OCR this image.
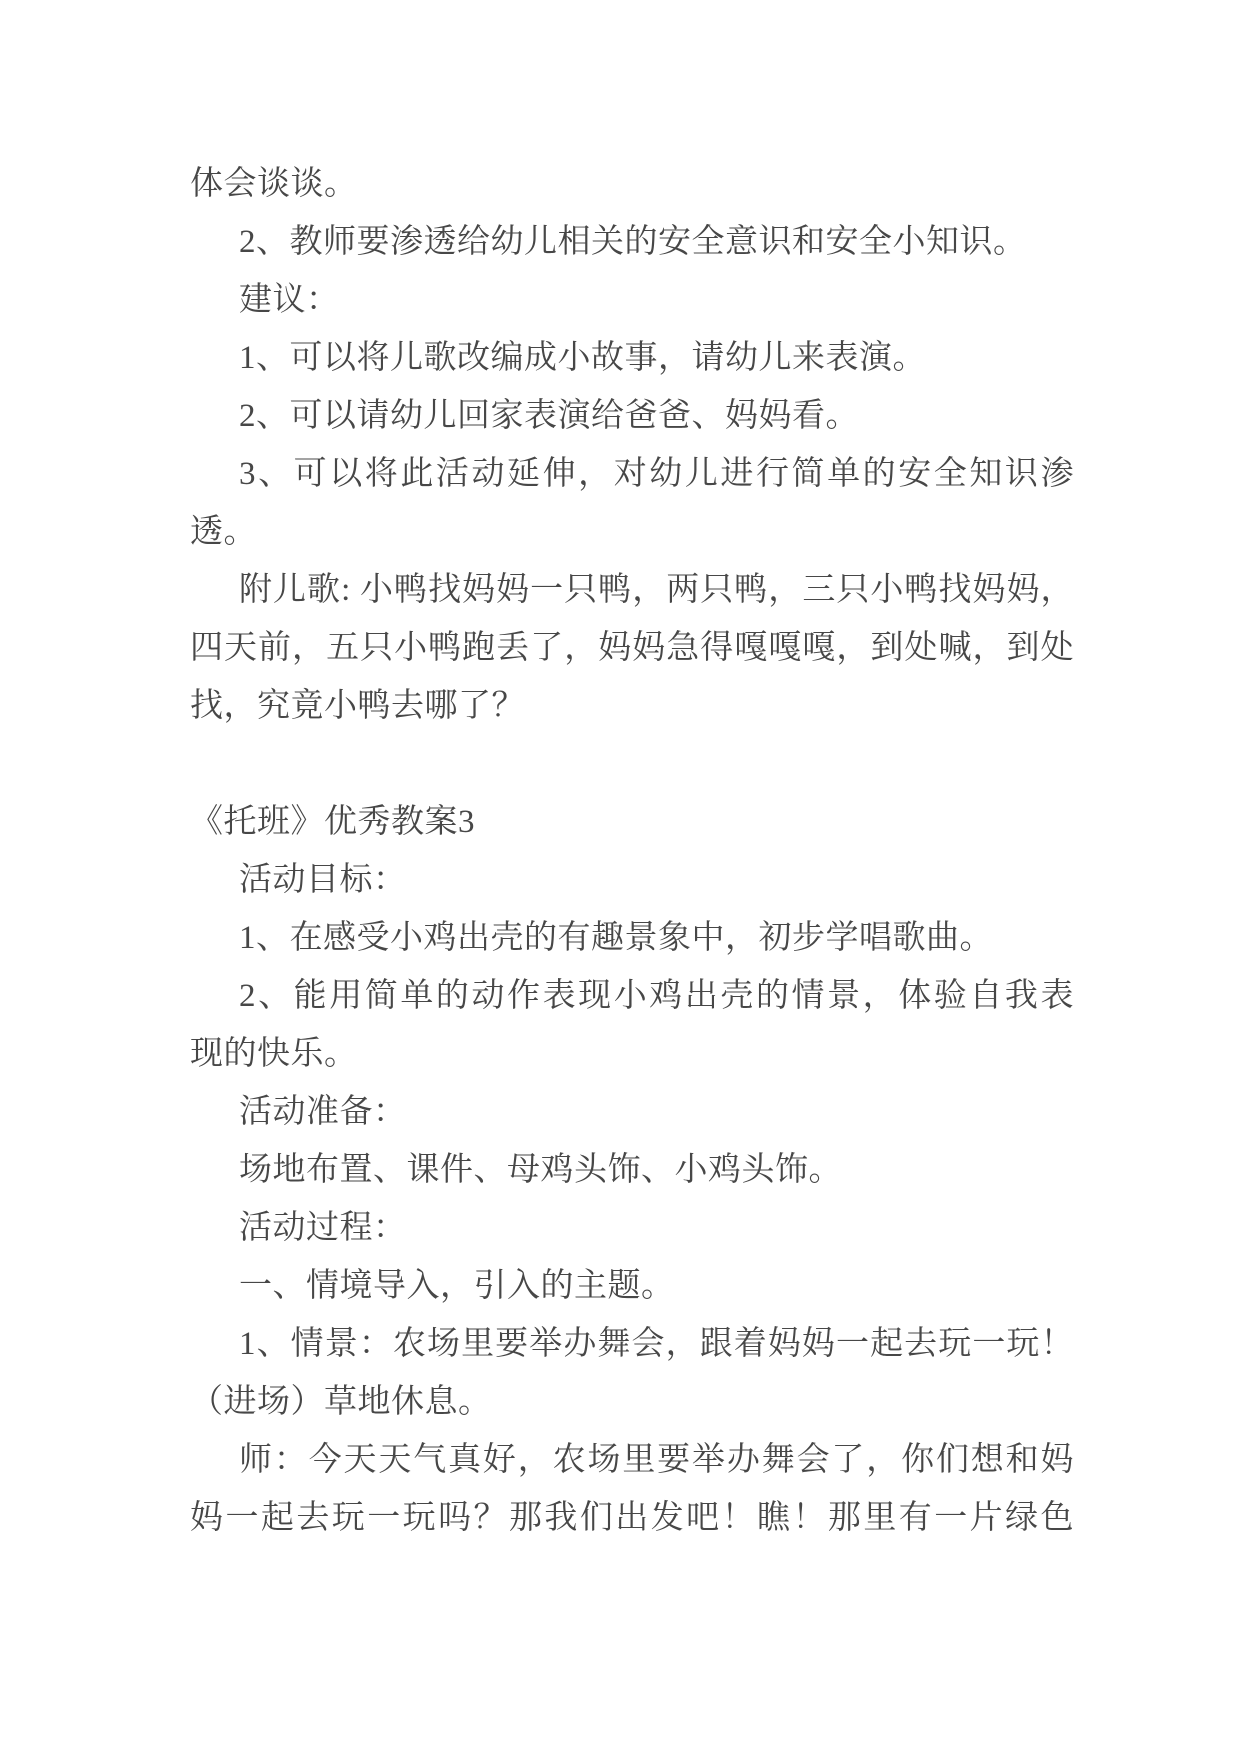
体会谈谈。
2、教师要渗透给幼儿相关的安全意识和安全小知识。
建议：
1、可以将儿歌改编成小故事，请幼儿来表演。
2、可以请幼儿回家表演给爸爸、妈妈看。
3、可以将此活动延伸，对幼儿进行简单的安全知识渗
透。
附儿歌: 小鸭找妈妈一只鸭，两只鸭，三只小鸭找妈妈，
四天前，五只小鸭跑丢了，妈妈急得嘎嘎嘎，到处喊，到处
找，究竟小鸭去哪了？
《托班》优秀教案3
活动目标：
1、在感受小鸡出壳的有趣景象中，初步学唱歌曲。
2、能用简单的动作表现小鸡出壳的情景，体验自我表
现的快乐。
活动准备：
场地布置、课件、母鸡头饰、小鸡头饰。
活动过程：
一、情境导入，引入的主题。
1、情景：农场里要举办舞会，跟着妈妈一起去玩一玩！
（进场）草地休息。
师：今天天气真好，农场里要举办舞会了，你们想和妈
妈一起去玩一玩吗？那我们出发吧！瞧！那里有一片绿色
